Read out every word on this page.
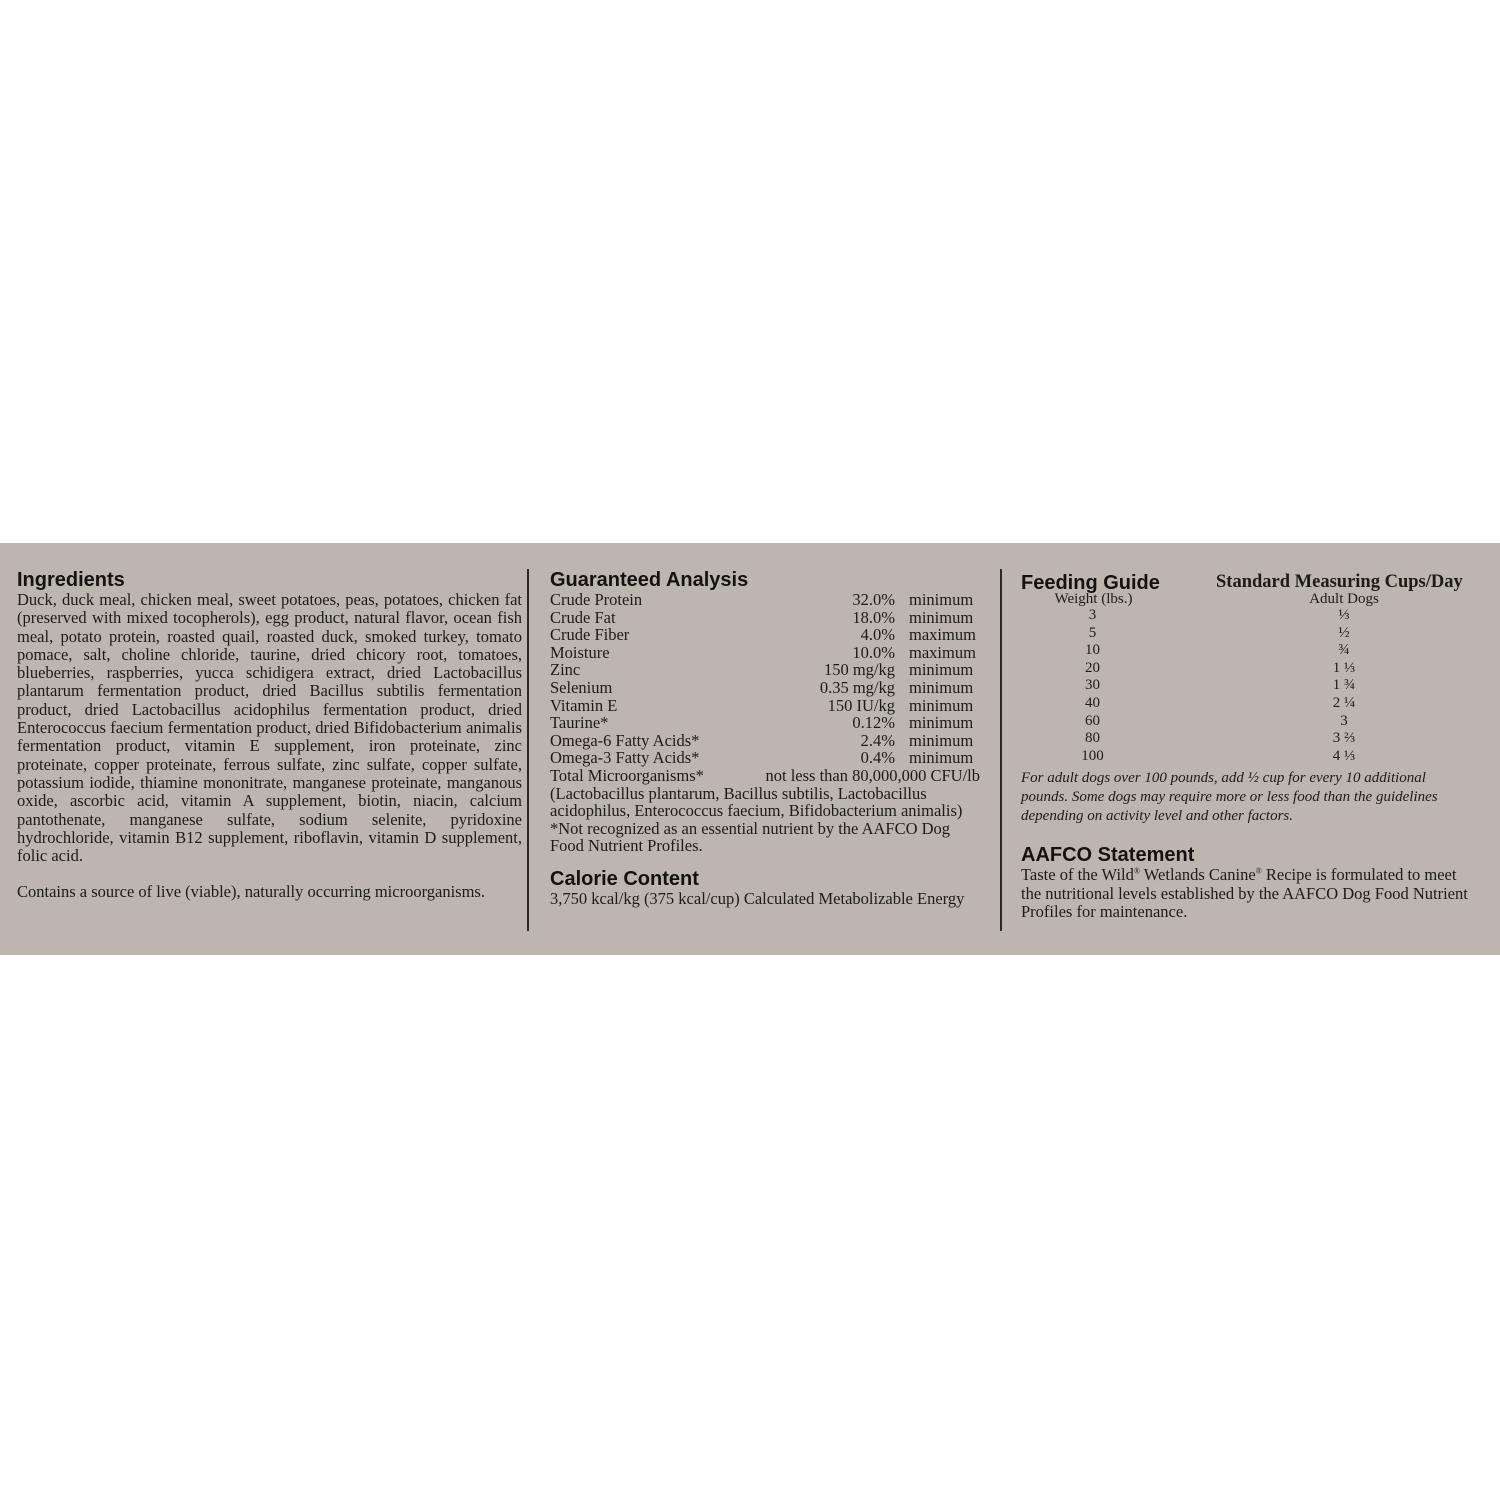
Ingredients

Duck, duck meal, chicken meal, sweet potatoes, peas, potatoes, chicken fat (preserved with mixed tocopherols), egg product, natural flavor, ocean fish meal, potato protein, roasted quail, roasted duck, smoked turkey, tomato pomace, salt, choline chloride, taurine, dried chicory root, tomatoes, blueberries, raspberries, yucca schidigera extract, dried Lactobacillus plantarum fermentation product, dried Bacillus subtilis fermentation product, dried Lactobacillus acidophilus fermentation product, dried Enterococcus faecium fermentation product, dried Bifidobacterium animalis fermentation product, vitamin E supplement, iron proteinate, zinc proteinate, copper proteinate, ferrous sulfate, zinc sulfate, copper sulfate, potassium iodide, thiamine mononitrate, manganese proteinate, manganous oxide, ascorbic acid, vitamin A supplement, biotin, niacin, calcium pantothenate, manganese sulfate, sodium selenite, pyridoxine hydrochloride, vitamin B12 supplement, riboflavin, vitamin D supplement, folic acid.

Contains a source of live (viable), naturally occurring microorganisms.

Guaranteed Analysis
Crude Protein	32.0% minimum
Crude Fat	18.0% minimum
Crude Fiber	4.0% maximum
Moisture	10.0% maximum
Zinc	150 mg/kg minimum
Selenium	0.35 mg/kg minimum
Vitamin E	150 IU/kg minimum
Taurine*	0.12% minimum
Omega-6 Fatty Acids*	2.4% minimum
Omega-3 Fatty Acids*	0.4% minimum
Total Microorganisms*	not less than 80,000,000 CFU/lb
(Lactobacillus plantarum, Bacillus subtilis, Lactobacillus acidophilus, Enterococcus faecium, Bifidobacterium animalis)
*Not recognized as an essential nutrient by the AAFCO Dog Food Nutrient Profiles.
Calorie Content

3,750 kcal/kg (375 kcal/cup) Calculated Metabolizable Energy

Feeding Guide	Standard Measuring Cups/Day
Weight (lbs.)	Adult Dogs
3	⅓
5	½
10	¾
20	1 ⅓
30	1 ¾
40	2 ¼
60	3
80	3 ⅔
100	4 ⅓
For adult dogs over 100 pounds, add ½ cup for every 10 additional pounds. Some dogs may require more or less food than the guidelines depending on activity level and other factors.
AAFCO Statement

Taste of the Wild® Wetlands Canine® Recipe is formulated to meet the nutritional levels established by the AAFCO Dog Food Nutrient Profiles for maintenance.
